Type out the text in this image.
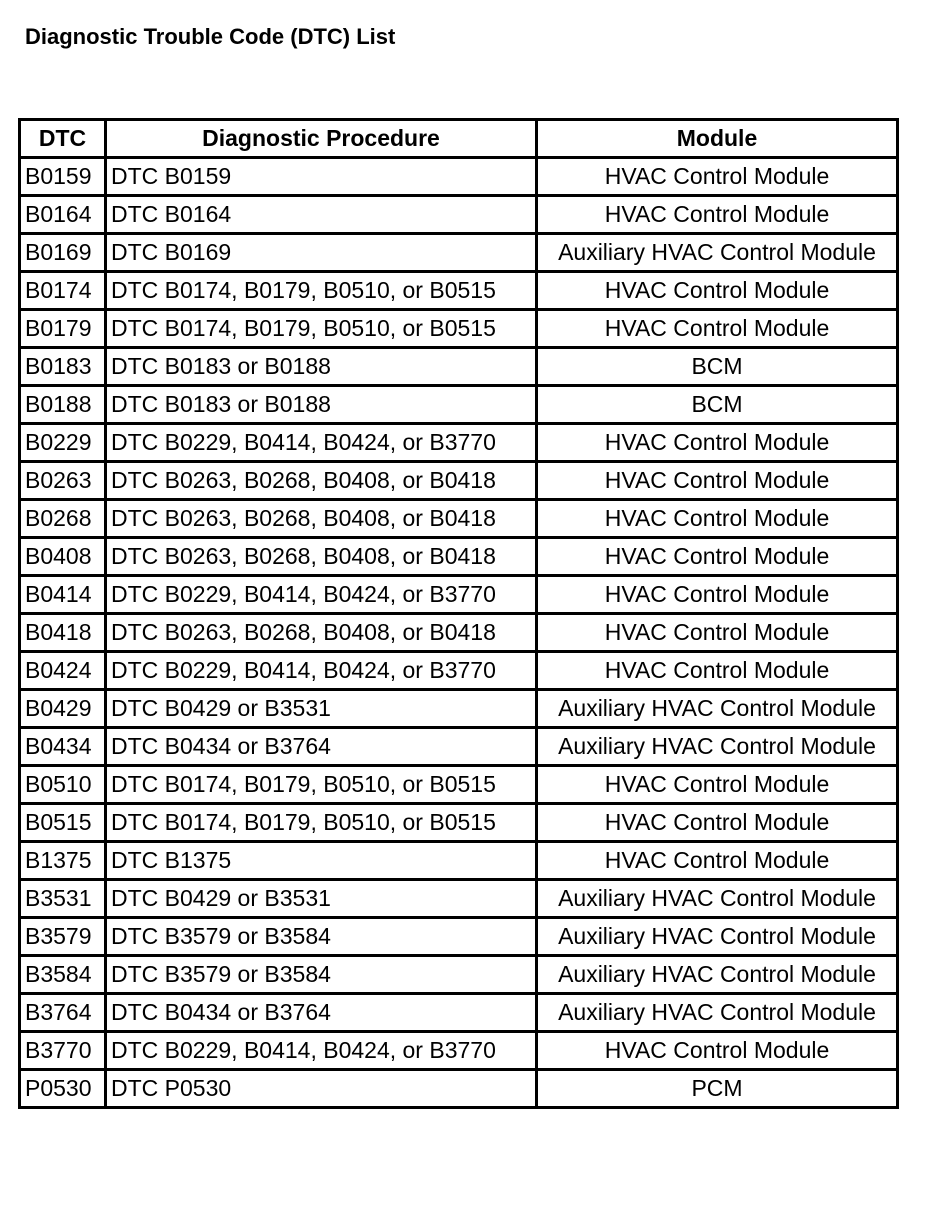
Diagnostic Trouble Code (DTC) List
DTC	Diagnostic Procedure	Module
B0159	DTC B0159	HVAC Control Module
B0164	DTC B0164	HVAC Control Module
B0169	DTC B0169	Auxiliary HVAC Control Module
B0174	DTC B0174, B0179, B0510, or B0515	HVAC Control Module
B0179	DTC B0174, B0179, B0510, or B0515	HVAC Control Module
B0183	DTC B0183 or B0188	BCM
B0188	DTC B0183 or B0188	BCM
B0229	DTC B0229, B0414, B0424, or B3770	HVAC Control Module
B0263	DTC B0263, B0268, B0408, or B0418	HVAC Control Module
B0268	DTC B0263, B0268, B0408, or B0418	HVAC Control Module
B0408	DTC B0263, B0268, B0408, or B0418	HVAC Control Module
B0414	DTC B0229, B0414, B0424, or B3770	HVAC Control Module
B0418	DTC B0263, B0268, B0408, or B0418	HVAC Control Module
B0424	DTC B0229, B0414, B0424, or B3770	HVAC Control Module
B0429	DTC B0429 or B3531	Auxiliary HVAC Control Module
B0434	DTC B0434 or B3764	Auxiliary HVAC Control Module
B0510	DTC B0174, B0179, B0510, or B0515	HVAC Control Module
B0515	DTC B0174, B0179, B0510, or B0515	HVAC Control Module
B1375	DTC B1375	HVAC Control Module
B3531	DTC B0429 or B3531	Auxiliary HVAC Control Module
B3579	DTC B3579 or B3584	Auxiliary HVAC Control Module
B3584	DTC B3579 or B3584	Auxiliary HVAC Control Module
B3764	DTC B0434 or B3764	Auxiliary HVAC Control Module
B3770	DTC B0229, B0414, B0424, or B3770	HVAC Control Module
P0530	DTC P0530	PCM
